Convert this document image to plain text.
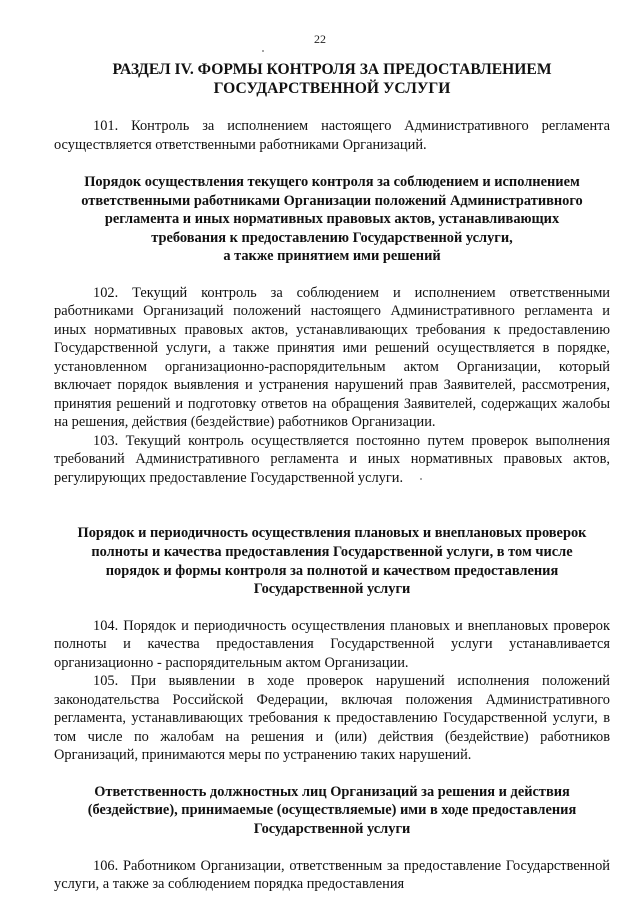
22
РАЗДЕЛ IV. ФОРМЫ КОНТРОЛЯ ЗА ПРЕДОСТАВЛЕНИЕМ
ГОСУДАРСТВЕННОЙ УСЛУГИ

101. Контроль за исполнением настоящего Административного регламента осуществляется ответственными работниками Организаций.

Порядок осуществления текущего контроля за соблюдением и исполнением
ответственными работниками Организации положений Административного
регламента и иных нормативных правовых актов, устанавливающих
требования к предоставлению Государственной услуги,
а также принятием ими решений

102. Текущий контроль за соблюдением и исполнением ответственными работниками Организаций положений настоящего Административного регламента и иных нормативных правовых актов, устанавливающих требования к предоставлению Государственной услуги, а также принятия ими решений осуществляется в порядке, установленном организационно-распорядительным актом Организации, который включает порядок выявления и устранения нарушений прав Заявителей, рассмотрения, принятия решений и подготовку ответов на обращения Заявителей, содержащих жалобы на решения, действия (бездействие) работников Организации.

103. Текущий контроль осуществляется постоянно путем проверок выполнения требований Административного регламента и иных нормативных правовых актов, регулирующих предоставление Государственной услуги.

Порядок и периодичность осуществления плановых и внеплановых проверок
полноты и качества предоставления Государственной услуги, в том числе
порядок и формы контроля за полнотой и качеством предоставления
Государственной услуги

104. Порядок и периодичность осуществления плановых и внеплановых проверок полноты и качества предоставления Государственной услуги устанавливается организационно - распорядительным актом Организации.

105. При выявлении в ходе проверок нарушений исполнения положений законодательства Российской Федерации, включая положения Административного регламента, устанавливающих требования к предоставлению Государственной услуги, в том числе по жалобам на решения и (или) действия (бездействие) работников Организаций, принимаются меры по устранению таких нарушений.

Ответственность должностных лиц Организаций за решения и действия
(бездействие), принимаемые (осуществляемые) ими в ходе предоставления
Государственной услуги

106. Работником Организации, ответственным за предоставление Государственной услуги, а также за соблюдением порядка предоставления
